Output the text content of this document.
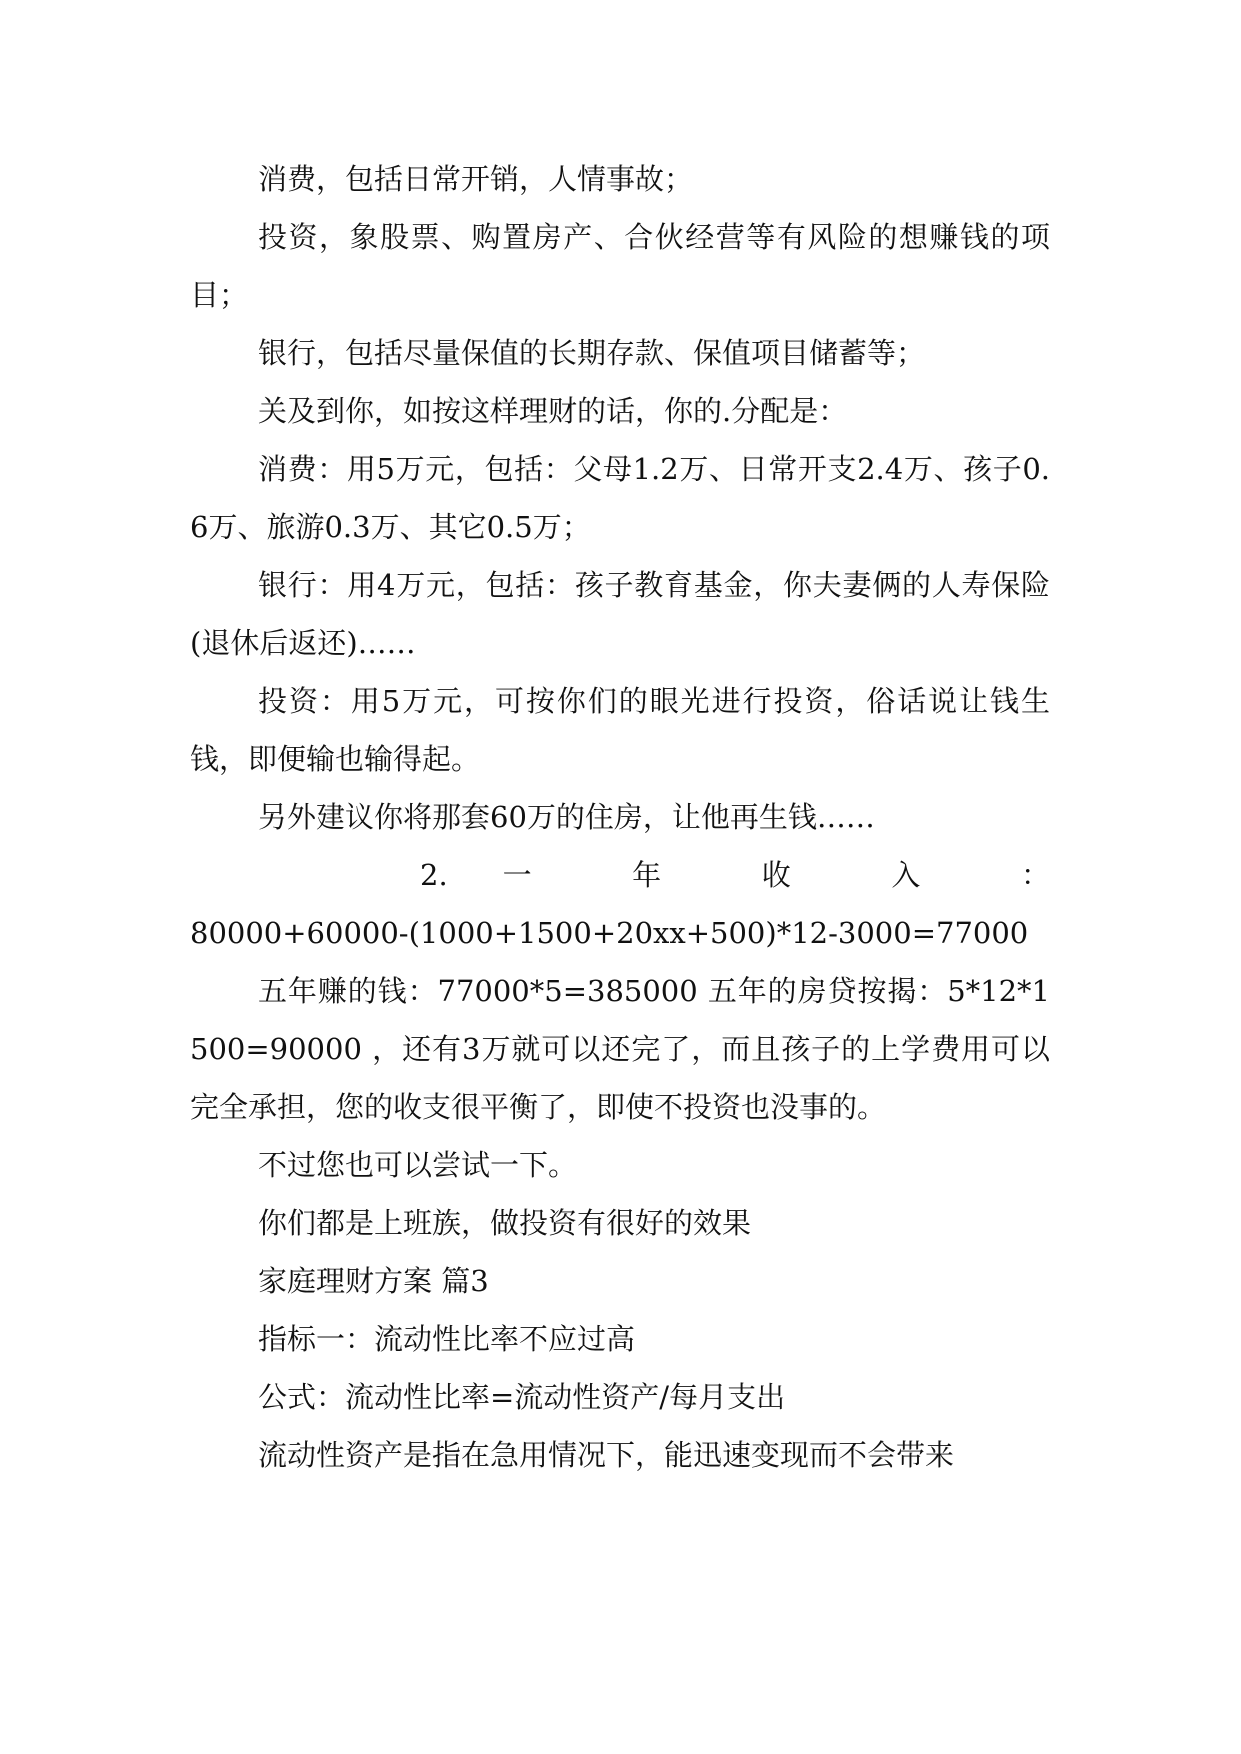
消费，包括日常开销，人情事故；

投资，象股票、购置房产、合伙经营等有风险的想赚钱的项目；

银行，包括尽量保值的长期存款、保值项目储蓄等；

关及到你，如按这样理财的话，你的.分配是：

消费：用5万元，包括：父母1.2万、日常开支2.4万、孩子0.6万、旅游0.3万、其它0.5万；

银行：用4万元，包括：孩子教育基金，你夫妻俩的人寿保险(退休后返还)……

投资：用5万元，可按你们的眼光进行投资，俗话说让钱生钱，即便输也输得起。

另外建议你将那套60万的住房，让他再生钱……

2. 一 年 收 入 ：

80000+60000-(1000+1500+20xx+500)*12-3000=77000

五年赚的钱：77000*5=385000 五年的房贷按揭：5*12*1500=90000 ，还有3万就可以还完了，而且孩子的上学费用可以完全承担，您的收支很平衡了，即使不投资也没事的。

不过您也可以尝试一下。

你们都是上班族，做投资有很好的效果

家庭理财方案 篇3

指标一：流动性比率不应过高

公式：流动性比率=流动性资产/每月支出

流动性资产是指在急用情况下，能迅速变现而不会带来
